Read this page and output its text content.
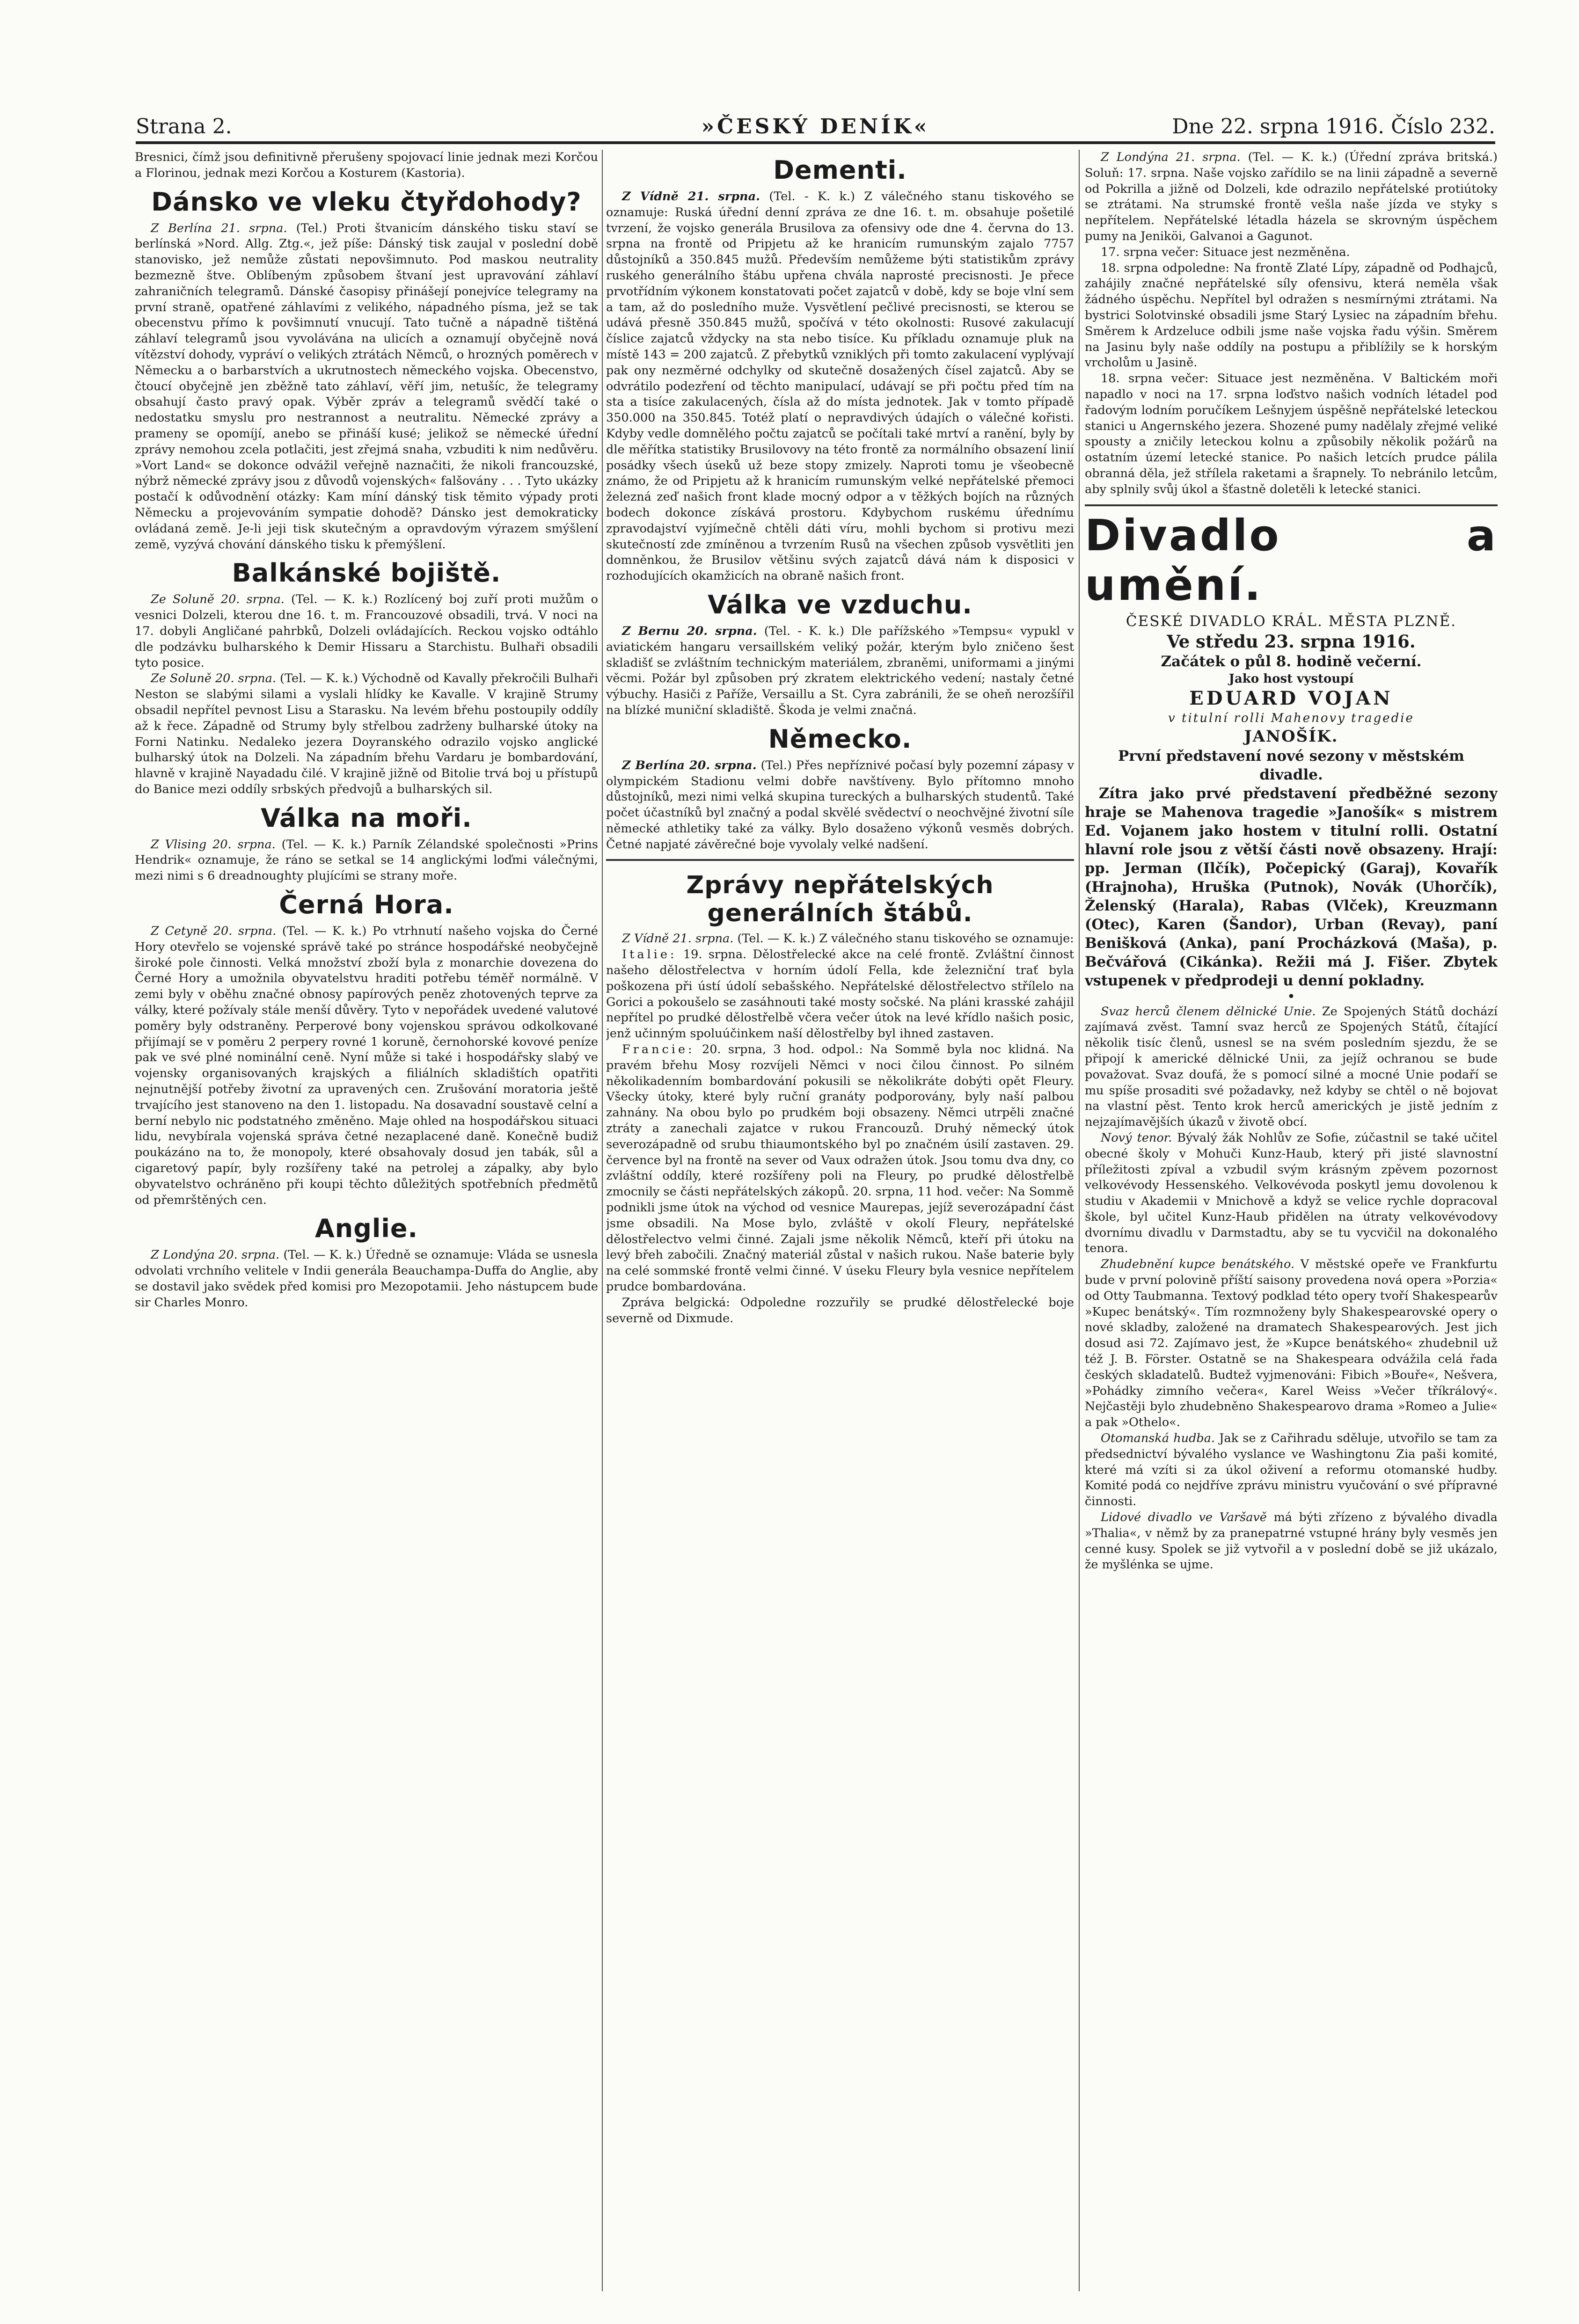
Strana 2.	»ČESKÝ DENÍK«	Dne 22. srpna 1916. Číslo 232.

Bresnici, čímž jsou definitivně přerušeny spojovací linie jednak mezi Korčou a Florinou, jednak mezi Korčou a Kosturem (Kastoria).

Dánsko ve vleku čtyřdohody?

Z Berlína 21. srpna. (Tel.) Proti štvanicím dánského tisku staví se berlínská »Nord. Allg. Ztg.«, jež píše: Dánský tisk zaujal v poslední době stanovisko, jež nemůže zůstati nepovšimnuto. Pod maskou neutrality bezmezně štve. Oblíbeným způsobem štvaní jest upravování záhlaví zahraničních telegramů. Dánské časopisy přinášejí ponejvíce telegramy na první straně, opatřené záhlavími z velikého, nápadného písma, jež se tak obecenstvu přímo k povšimnutí vnucují. Tato tučně a nápadně tištěná záhlaví telegramů jsou vyvolávána na ulicích a oznamují obyčejně nová vítězství dohody, vypráví o velikých ztrátách Němců, o hrozných poměrech v Německu a o barbarstvích a ukrutnostech německého vojska. Obecenstvo, čtoucí obyčejně jen zběžně tato záhlaví, věří jim, netušíc, že telegramy obsahují často pravý opak. Výběr zpráv a telegramů svědčí také o nedostatku smyslu pro nestrannost a neutralitu. Německé zprávy a prameny se opomíjí, anebo se přináší kusé; jelikož se německé úřední zprávy nemohou zcela potlačiti, jest zřejmá snaha, vzbuditi k nim nedůvěru. »Vort Land« se dokonce odvážil veřejně naznačiti, že nikoli francouzské, nýbrž německé zprávy jsou z důvodů vojenských« falšovány . . . Tyto ukázky postačí k odůvodnění otázky: Kam míní dánský tisk těmito výpady proti Německu a projevováním sympatie dohodě? Dánsko jest demokraticky ovládaná země. Je-li jeji tisk skutečným a opravdovým výrazem smýšlení země, vyzývá chování dánského tisku k přemýšlení.

Balkánské bojiště.

Ze Soluně 20. srpna. (Tel. — K. k.) Rozlícený boj zuří proti mužům o vesnici Dolzeli, kterou dne 16. t. m. Francouzové obsadili, trvá. V noci na 17. dobyli Angličané pahrbků, Dolzeli ovládajících. Reckou vojsko odtáhlo dle podzávku bulharského k Demir Hissaru a Starchistu. Bulhaři obsadili tyto posice.

Ze Soluně 20. srpna. (Tel. — K. k.) Východně od Kavally překročili Bulhaři Neston se slabými silami a vyslali hlídky ke Kavalle. V krajině Strumy obsadil nepřítel pevnost Lisu a Starasku. Na levém břehu postoupily oddíly až k řece. Západně od Strumy byly střelbou zadrženy bulharské útoky na Forni Natinku. Nedaleko jezera Doyranského odrazilo vojsko anglické bulharský útok na Dolzeli. Na západním břehu Vardaru je bombardování, hlavně v krajině Nayadadu čilé. V krajině jižně od Bitolie trvá boj u přístupů do Banice mezi oddíly srbských předvojů a bulharských sil.

Válka na moři.

Z Vlising 20. srpna. (Tel. — K. k.) Parník Zélandské společnosti »Prins Hendrik« oznamuje, že ráno se setkal se 14 anglickými loďmi válečnými, mezi nimi s 6 dreadnoughty plujícími se strany moře.

Černá Hora.

Z Cetyně 20. srpna. (Tel. — K. k.) Po vtrhnutí našeho vojska do Černé Hory otevřelo se vojenské správě také po stránce hospodářské neobyčejně široké pole činnosti. Velká množství zboží byla z monarchie dovezena do Černé Hory a umožnila obyvatelstvu hraditi potřebu téměř normálně. V zemi byly v oběhu značné obnosy papírových peněz zhotovených teprve za války, které požívaly stále menší důvěry. Tyto v nepořádek uvedené valutové poměry byly odstraněny. Perperové bony vojenskou správou odkolkované přijímají se v poměru 2 perpery rovné 1 koruně, černohorské kovové peníze pak ve své plné nominální ceně. Nyní může si také i hospodářsky slabý ve vojensky organisovaných krajských a filiálních skladištích opatřiti nejnutnější potřeby životní za upravených cen. Zrušování moratoria ještě trvajícího jest stanoveno na den 1. listopadu. Na dosavadní soustavě celní a berní nebylo nic podstatného změněno. Maje ohled na hospodářskou situaci lidu, nevybírala vojenská správa četné nezaplacené daně. Konečně budiž poukázáno na to, že monopoly, které obsahovaly dosud jen tabák, sůl a cigaretový papír, byly rozšířeny také na petrolej a zápalky, aby bylo obyvatelstvo ochráněno při koupi těchto důležitých spotřebních předmětů od přemrštěných cen.

Anglie.

Z Londýna 20. srpna. (Tel. — K. k.) Úředně se oznamuje: Vláda se usnesla odvolati vrchního velitele v Indii generála Beauchampa-Duffa do Anglie, aby se dostavil jako svědek před komisi pro Mezopotamii. Jeho nástupcem bude sir Charles Monro.

Dementi.

Z Vídně 21. srpna. (Tel. - K. k.) Z válečného stanu tiskového se oznamuje: Ruská úřední denní zpráva ze dne 16. t. m. obsahuje pošetilé tvrzení, že vojsko generála Brusilova za ofensivy ode dne 4. června do 13. srpna na frontě od Pripjetu až ke hranicím rumunským zajalo 7757 důstojníků a 350.845 mužů. Především nemůžeme býti statistikům zprávy ruského generálního štábu upřena chvála naprosté precisnosti. Je přece prvotřídním výkonem konstatovati počet zajatců v době, kdy se boje vlní sem a tam, až do posledního muže. Vysvětlení pečlivé precisnosti, se kterou se udává přesně 350.845 mužů, spočívá v této okolnosti: Rusové zakulacují číslice zajatců vždycky na sta nebo tisíce. Ku příkladu oznamuje pluk na místě 143 = 200 zajatců. Z přebytků vzniklých při tomto zakulacení vyplývají pak ony nezměrné odchylky od skutečně dosažených čísel zajatců. Aby se odvrátilo podezření od těchto manipulací, udávají se při počtu před tím na sta a tisíce zakulacených, čísla až do místa jednotek. Jak v tomto případě 350.000 na 350.845. Totéž platí o nepravdivých údajích o válečné kořisti. Kdyby vedle domnělého počtu zajatců se počítali také mrtví a ranění, byly by dle měřítka statistiky Brusilovovy na této frontě za normálního obsazení linií posádky všech úseků už beze stopy zmizely. Naproti tomu je všeobecně známo, že od Pripjetu až k hranicím rumunským velké nepřátelské přemoci železná zeď našich front klade mocný odpor a v těžkých bojích na různých bodech dokonce získává prostoru. Kdybychom ruskému úřednímu zpravodajství vyjímečně chtěli dáti víru, mohli bychom si protivu mezi skutečností zde zmíněnou a tvrzením Rusů na všechen způsob vysvětliti jen domněnkou, že Brusilov většinu svých zajatců dává nám k disposici v rozhodujících okamžicích na obraně našich front.

Válka ve vzduchu.

Z Bernu 20. srpna. (Tel. - K. k.) Dle pařížského »Tempsu« vypukl v aviatickém hangaru versaillském veliký požár, kterým bylo zničeno šest skladišť se zvláštním technickým materiálem, zbraněmi, uniformami a jinými věcmi. Požár byl způsoben prý zkratem elektrického vedení; nastaly četné výbuchy. Hasiči z Paříže, Versaillu a St. Cyra zabránili, že se oheň nerozšířil na blízké muniční skladiště. Škoda je velmi značná.

Německo.

Z Berlína 20. srpna. (Tel.) Přes nepříznivé počasí byly pozemní zápasy v olympickém Stadionu velmi dobře navštíveny. Bylo přítomno mnoho důstojníků, mezi nimi velká skupina tureckých a bulharských studentů. Také počet účastníků byl značný a podal skvělé svědectví o neochvějné životní síle německé athletiky také za války. Bylo dosaženo výkonů vesměs dobrých. Četné napjaté závěrečné boje vyvolaly velké nadšení.

Zprávy nepřátelských generálních štábů.

Z Vídně 21. srpna. (Tel. — K. k.) Z válečného stanu tiskového se oznamuje:

Italie: 19. srpna. Dělostřelecké akce na celé frontě. Zvláštní činnost našeho dělostřelectva v horním údolí Fella, kde železniční trať byla poškozena při ústí údolí sebašského. Nepřátelské dělostřelectvo střílelo na Gorici a pokoušelo se zasáhnouti také mosty sočské. Na pláni krasské zahájil nepřítel po prudké dělostřelbě včera večer útok na levé křídlo našich posic, jenž učinným spoluúčinkem naší dělostřelby byl ihned zastaven.

Francie: 20. srpna, 3 hod. odpol.: Na Sommě byla noc klidná. Na pravém břehu Mosy rozvíjeli Němci v noci čilou činnost. Po silném několikadenním bombardování pokusili se několikráte dobýti opět Fleury. Všecky útoky, které byly ruční granáty podporovány, byly naší palbou zahnány. Na obou bylo po prudkém boji obsazeny. Němci utrpěli značné ztráty a zanechali zajatce v rukou Francouzů. Druhý německý útok severozápadně od srubu thiaumontského byl po značném úsilí zastaven. 29. července byl na frontě na sever od Vaux odražen útok. Jsou tomu dva dny, co zvláštní oddíly, které rozšířeny poli na Fleury, po prudké dělostřelbě zmocnily se části nepřátelských zákopů. 20. srpna, 11 hod. večer: Na Sommě podnikli jsme útok na východ od vesnice Maurepas, jejíž severozápadní část jsme obsadili. Na Mose bylo, zvláště v okolí Fleury, nepřátelské dělostřelectvo velmi činné. Zajali jsme několik Němců, kteří při útoku na levý břeh zabočili. Značný materiál zůstal v našich rukou. Naše baterie byly na celé sommské frontě velmi činné. V úseku Fleury byla vesnice nepřítelem prudce bombardována.

Zpráva belgická: Odpoledne rozzuřily se prudké dělostřelecké boje severně od Dixmude.

Z Londýna 21. srpna. (Tel. — K. k.) (Úřední zpráva britská.) Soluň: 17. srpna. Naše vojsko zařídilo se na linii západně a severně od Pokrilla a jižně od Dolzeli, kde odrazilo nepřátelské protiútoky se ztrátami. Na strumské frontě vešla naše jízda ve styky s nepřítelem. Nepřátelské létadla házela se skrovným úspěchem pumy na Jeniköi, Galvanoi a Gagunot.

17. srpna večer: Situace jest nezměněna.

18. srpna odpoledne: Na frontě Zlaté Lípy, západně od Podhajců, zahájily značné nepřátelské síly ofensivu, která neměla však žádného úspěchu. Nepřítel byl odražen s nesmírnými ztrátami. Na bystrici Solotvinské obsadili jsme Starý Lysiec na západním břehu. Směrem k Ardzeluce odbili jsme naše vojska řadu výšin. Směrem na Jasinu byly naše oddíly na postupu a přiblížily se k horským vrcholům u Jasině.

18. srpna večer: Situace jest nezměněna. V Baltickém moři napadlo v noci na 17. srpna loďstvo našich vodních létadel pod řadovým lodním poručíkem Lešnyjem úspěšně nepřátelské leteckou stanici u Angernského jezera. Shozené pumy nadělaly zřejmé veliké spousty a zničily leteckou kolnu a způsobily několik požárů na ostatním území letecké stanice. Po našich letcích prudce pálila obranná děla, jež střílela raketami a šrapnely. To nebránilo letcům, aby splnily svůj úkol a šťastně doletěli k letecké stanici.

Divadlo a umění.

ČESKÉ DIVADLO KRÁL. MĚSTA PLZNĚ.

Ve středu 23. srpna 1916.

Začátek o půl 8. hodině večerní.

Jako host vystoupí

EDUARD VOJAN

v titulní rolli Mahenovy tragedie

JANOŠÍK.

První představení nové sezony v městském divadle.

Zítra jako prvé představení předběžné sezony hraje se Mahenova tragedie »Janošík« s mistrem Ed. Vojanem jako hostem v titulní rolli. Ostatní hlavní role jsou z větší části nově obsazeny. Hrají: pp. Jerman (Ilčík), Počepický (Garaj), Kovařík (Hrajnoha), Hruška (Putnok), Novák (Uhorčík), Želenský (Harala), Rabas (Vlček), Kreuzmann (Otec), Karen (Šandor), Urban (Revay), paní Benišková (Anka), paní Procházková (Maša), p. Bečvářová (Cikánka). Režii má J. Fišer. Zbytek vstupenek v předprodeji u denní pokladny.

•

Svaz herců členem dělnické Unie. Ze Spojených Států dochází zajímavá zvěst. Tamní svaz herců ze Spojených Států, čítající několik tisíc členů, usnesl se na svém posledním sjezdu, že se připojí k americké dělnické Unii, za jejíž ochranou se bude považovat. Svaz doufá, že s pomocí silné a mocné Unie podaří se mu spíše prosaditi své požadavky, než kdyby se chtěl o ně bojovat na vlastní pěst. Tento krok herců amerických je jistě jedním z nejzajímavějších úkazů v životě obcí.

Nový tenor. Bývalý žák Nohlův ze Sofie, zúčastnil se také učitel obecné školy v Mohuči Kunz-Haub, který při jisté slavnostní příležitosti zpíval a vzbudil svým krásným zpěvem pozornost velkovévody Hessenského. Velkovévoda poskytl jemu dovolenou k studiu v Akademii v Mnichově a když se velice rychle dopracoval škole, byl učitel Kunz-Haub přidělen na útraty velkovévodovy dvornímu divadlu v Darmstadtu, aby se tu vycvičil na dokonalého tenora.

Zhudebnění kupce benátského. V městské opeře ve Frankfurtu bude v první polovině příští saisony provedena nová opera »Porzia« od Otty Taubmanna. Textový podklad této opery tvoří Shakespearův »Kupec benátský«. Tím rozmnoženy byly Shakespearovské opery o nové skladby, založené na dramatech Shakespearových. Jest jich dosud asi 72. Zajímavo jest, že »Kupce benátského« zhudebnil už též J. B. Förster. Ostatně se na Shakespeara odvážila celá řada českých skladatelů. Budtež vyjmenováni: Fibich »Bouře«, Nešvera, »Pohádky zimního večera«, Karel Weiss »Večer tříkrálový«. Nejčastěji bylo zhudebněno Shakespearovo drama »Romeo a Julie« a pak »Othelo«.

Otomanská hudba. Jak se z Cařihradu sděluje, utvořilo se tam za předsednictví bývalého vyslance ve Washingtonu Zia paši komité, které má vzíti si za úkol oživení a reformu otomanské hudby. Komité podá co nejdříve zprávu ministru vyučování o své přípravné činnosti.

Lidové divadlo ve Varšavě má býti zřízeno z bývalého divadla »Thalia«, v němž by za pranepatrné vstupné hrány byly vesměs jen cenné kusy. Spolek se již vytvořil a v poslední době se již ukázalo, že myšlénka se ujme.
